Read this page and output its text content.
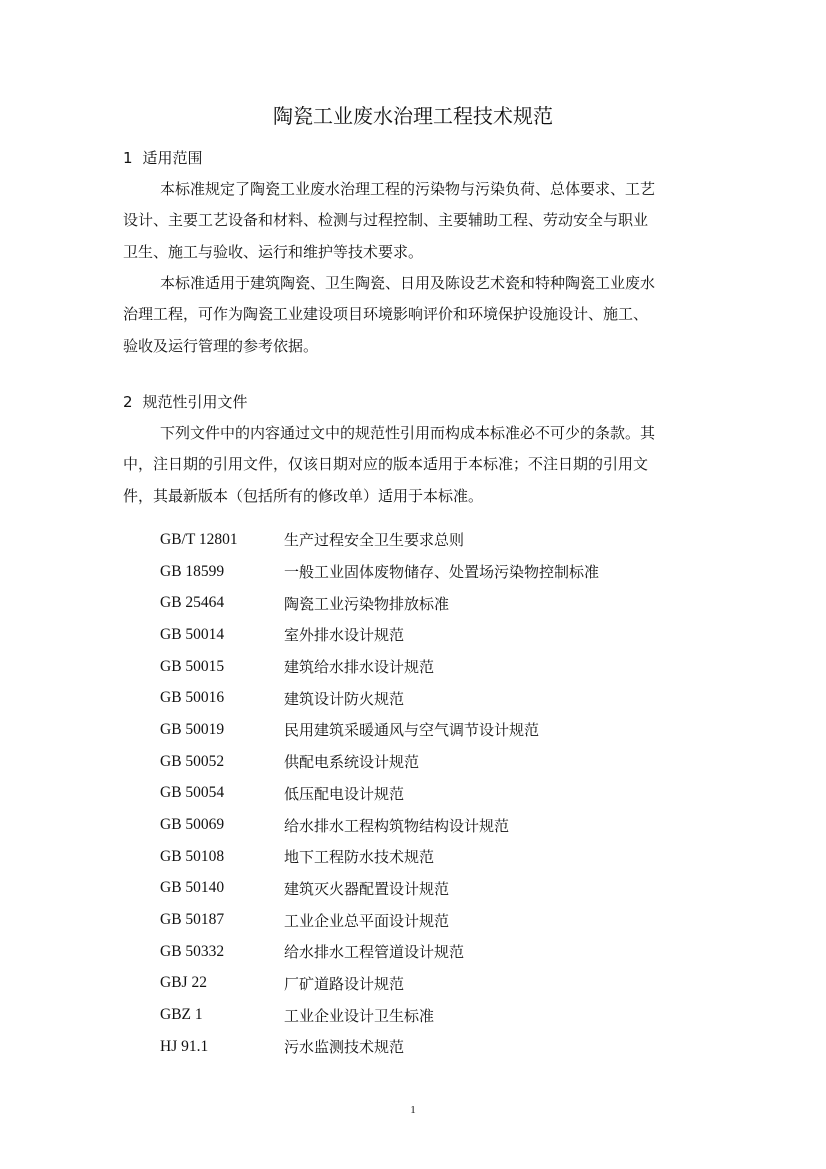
陶瓷工业废水治理工程技术规范
1 适用范围

本标准规定了陶瓷工业废水治理工程的污染物与污染负荷、总体要求、工艺
设计、主要工艺设备和材料、检测与过程控制、主要辅助工程、劳动安全与职业
卫生、施工与验收、运行和维护等技术要求。

本标准适用于建筑陶瓷、卫生陶瓷、日用及陈设艺术瓷和特种陶瓷工业废水
治理工程，可作为陶瓷工业建设项目环境影响评价和环境保护设施设计、施工、
验收及运行管理的参考依据。

2 规范性引用文件

下列文件中的内容通过文中的规范性引用而构成本标准必不可少的条款。其
中，注日期的引用文件，仅该日期对应的版本适用于本标准；不注日期的引用文
件，其最新版本（包括所有的修改单）适用于本标准。

GB/T 12801	生产过程安全卫生要求总则
GB 18599	一般工业固体废物储存、处置场污染物控制标准
GB 25464	陶瓷工业污染物排放标准
GB 50014	室外排水设计规范
GB 50015	建筑给水排水设计规范
GB 50016	建筑设计防火规范
GB 50019	民用建筑采暖通风与空气调节设计规范
GB 50052	供配电系统设计规范
GB 50054	低压配电设计规范
GB 50069	给水排水工程构筑物结构设计规范
GB 50108	地下工程防水技术规范
GB 50140	建筑灭火器配置设计规范
GB 50187	工业企业总平面设计规范
GB 50332	给水排水工程管道设计规范
GBJ 22	厂矿道路设计规范
GBZ 1	工业企业设计卫生标准
HJ 91.1	污水监测技术规范
1
